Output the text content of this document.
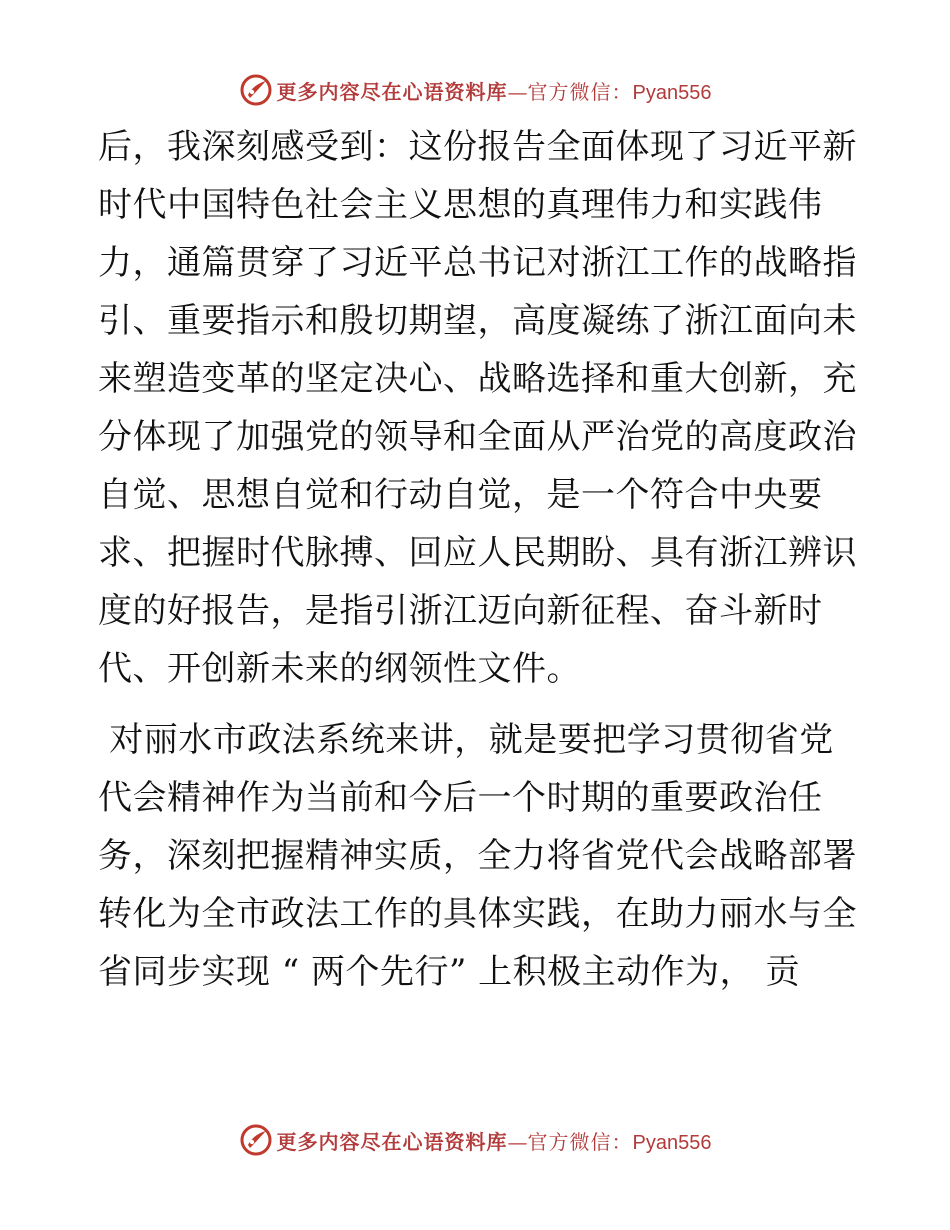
更多内容尽在心语资料库 — 官方微信： Pyan556
后，我深刻感受到：这份报告全面体现了习近平新
时代中国特色社会主义思想的真理伟力和实践伟
力，通篇贯穿了习近平总书记对浙江工作的战略指
引、重要指示和殷切期望，高度凝练了浙江面向未
来塑造变革的坚定决心、战略选择和重大创新，充
分体现了加强党的领导和全面从严治党的高度政治
自觉、思想自觉和行动自觉，是一个符合中央要
求、把握时代脉搏、回应人民期盼、具有浙江辨识
度的好报告，是指引浙江迈向新征程、奋斗新时
代、开创新未来的纲领性文件。
对丽水市政法系统来讲，就是要把学习贯彻省党
代会精神作为当前和今后一个时期的重要政治任
务，深刻把握精神实质，全力将省党代会战略部署
转化为全市政法工作的具体实践，在助力丽水与全
省同步实现 “ 两个先行” 上积极主动作为， 贡
更多内容尽在心语资料库 — 官方微信： Pyan556
